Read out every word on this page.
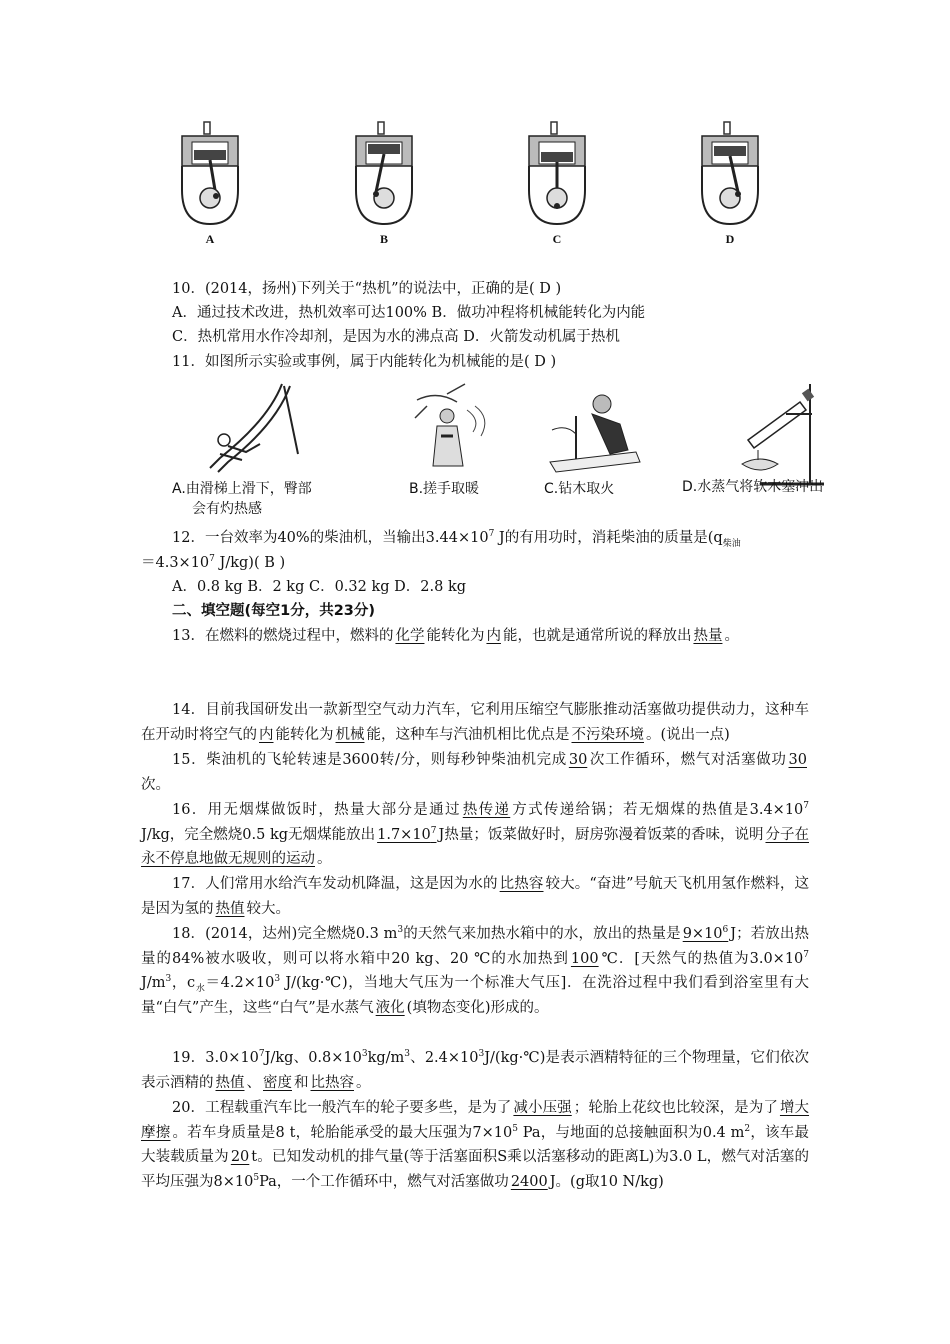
A	B	C	D
10．(2014，扬州)下列关于“热机”的说法中，正确的是( D )
A．通过技术改进，热机效率可达100% B．做功冲程将机械能转化为内能
C．热机常用水作冷却剂，是因为水的沸点高 D．火箭发动机属于热机
11．如图所示实验或事例，属于内能转化为机械能的是( D )
A.由滑梯上滑下，臀部
会有灼热感
B.搓手取暖	C.钻木取火	D.水蒸气将软木塞冲出
12．一台效率为40%的柴油机，当输出$3.44\times 10^7$ J的有用功时，消耗柴油的质量是($q_{柴油}$
$=4.3\times 10^7$ J/kg)( B )
A．0.8 kg B．2 kg C．0.32 kg D．2.8 kg
二、填空题(每空1分，共23分)
13．在燃料的燃烧过程中，燃料的 化学 能转化为 内 能，也就是通常所说的释放出 热量 。
14．目前我国研发出一款新型空气动力汽车，它利用压缩空气膨胀推动活塞做功提供动力，这种车在开动时将空气的 内 能转化为 机械 能，这种车与汽油机相比优点是 不污染环境 。(说出一点)
15．柴油机的飞轮转速是3600转/分，则每秒钟柴油机完成 30 次工作循环，燃气对活塞做功 30次。
16．用无烟煤做饭时，热量大部分是通过 热传递 方式传递给锅；若无烟煤的热值是$3.4\times 10^7$ J/kg，完全燃烧0.5 kg无烟煤能放出 $1.7\times 10^7$ J热量；饭菜做好时，厨房弥漫着饭菜的香味，说明 分子在永不停息地做无规则的运动 。
17．人们常用水给汽车发动机降温，这是因为水的 比热容 较大。“奋进”号航天飞机用氢作燃料，这是因为氢的 热值 较大。
18．(2014，达州)完全燃烧0.3 $m^3$的天然气来加热水箱中的水，放出的热量是 $9\times 10^6$ J；若放出热量的84%被水吸收，则可以将水箱中20 kg、20 ℃的水加热到 100 ℃．[天然气的热值为$3.0\times 10^7$ $J/m^3$，$c_水=4.2\times 10^3$ J/(kg·℃)，当地大气压为一个标准大气压]．在洗浴过程中我们看到浴室里有大量“白气”产生，这些“白气”是水蒸气 液化 (填物态变化)形成的。
19．$3.0\times 10^7J/kg$、$0.8\times 10^3kg/m^3$、$2.4\times 10^3J/(kg\cdot℃)$是表示酒精特征的三个物理量，它们依次表示酒精的 热值 、 密度 和 比热容 。
20．工程载重汽车比一般汽车的轮子要多些，是为了 减小压强 ；轮胎上花纹也比较深，是为了 增大摩擦 。若车身质量是8 t，轮胎能承受的最大压强为$7\times 10^5$ Pa，与地面的总接触面积为0.4 $m^2$，该车最大装载质量为 20 t。已知发动机的排气量(等于活塞面积S乘以活塞移动的距离L)为3.0 L，燃气对活塞的平均压强为$8\times 10^5Pa$，一个工作循环中，燃气对活塞做功 2400 J。(g取10 N/kg)
